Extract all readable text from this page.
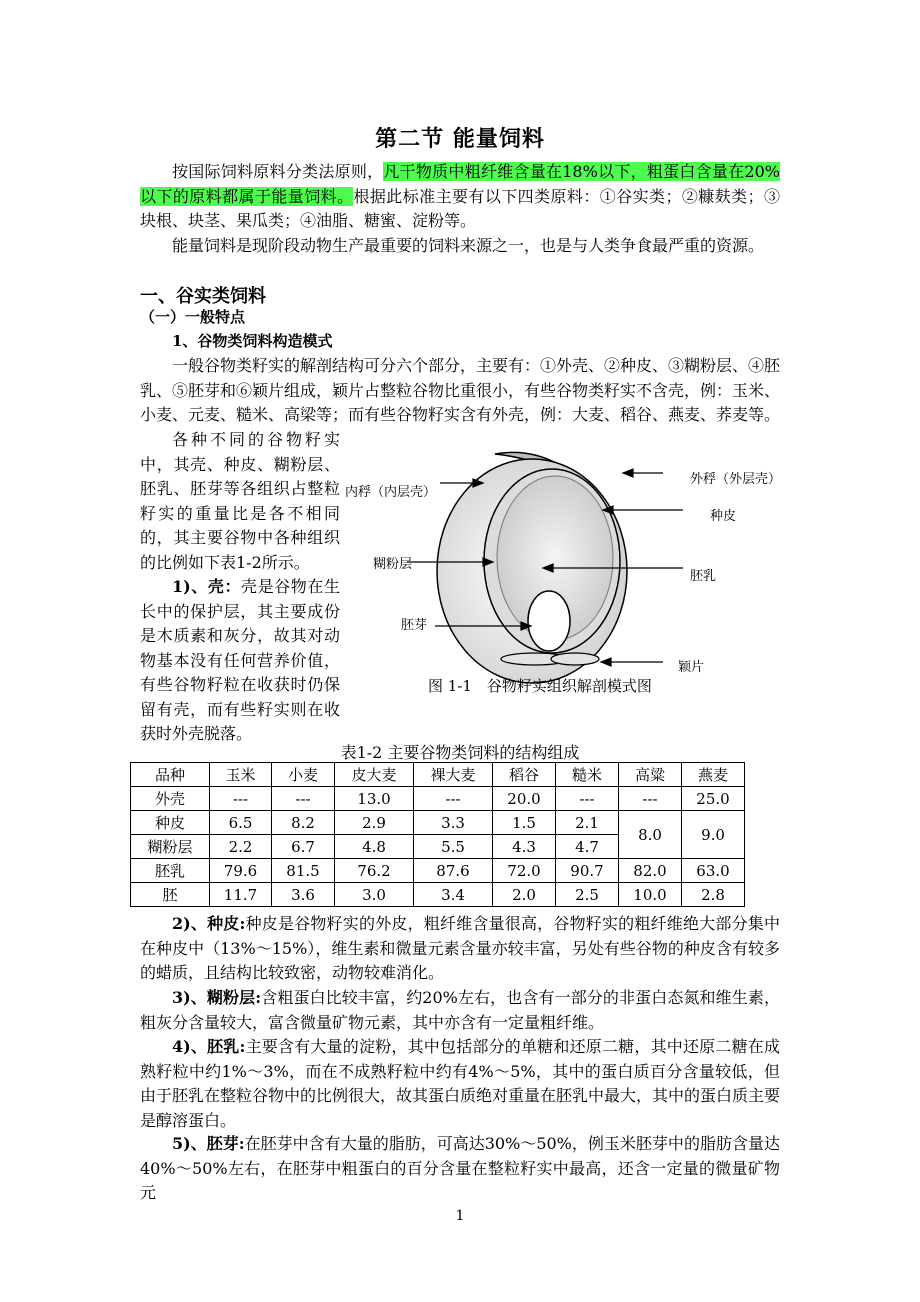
第二节 能量饲料

按国际饲料原料分类法原则，凡干物质中粗纤维含量在18%以下，粗蛋白含量在20%以下的原料都属于能量饲料。根据此标准主要有以下四类原料：①谷实类；②糠麸类；③块根、块茎、果瓜类；④油脂、糖蜜、淀粉等。

能量饲料是现阶段动物生产最重要的饲料来源之一，也是与人类争食最严重的资源。

一、谷实类饲料
（一）一般特点
1、谷物类饲料构造模式

一般谷物类籽实的解剖结构可分六个部分，主要有：①外壳、②种皮、③糊粉层、④胚乳、⑤胚芽和⑥颖片组成，颖片占整粒谷物比重很小，有些谷物类籽实不含壳，例：玉米、小麦、元麦、糙米、高梁等；而有些谷物籽实含有外壳，例：大麦、稻谷、燕麦、荞麦等。

各种不同的谷物籽实中，其壳、种皮、糊粉层、胚乳、胚芽等各组织占整粒籽实的重量比是各不相同的，其主要谷物中各种组织的比例如下表1-2所示。

1)、壳：壳是谷物在生长中的保护层，其主要成份是木质素和灰分，故其对动物基本没有任何营养价值，有些谷物籽粒在收获时仍保留有壳，而有些籽实则在收获时外壳脱落。

内稃（内层壳）
外稃（外层壳）
种皮
糊粉层
胚乳
胚芽
颖片
图 1-1　谷物籽实组织解剖模式图
表1-2 主要谷物类饲料的结构组成
品种	玉米	小麦	皮大麦	裸大麦	稻谷	糙米	高粱	燕麦
外壳	---	---	13.0	---	20.0	---	---	25.0
种皮	6.5	8.2	2.9	3.3	1.5	2.1	8.0	9.0
糊粉层	2.2	6.7	4.8	5.5	4.3	4.7		
胚乳	79.6	81.5	76.2	87.6	72.0	90.7	82.0	63.0
胚	11.7	3.6	3.0	3.4	2.0	2.5	10.0	2.8

2)、种皮:种皮是谷物籽实的外皮，粗纤维含量很高，谷物籽实的粗纤维绝大部分集中在种皮中（13%～15%），维生素和微量元素含量亦较丰富，另处有些谷物的种皮含有较多的蜡质，且结构比较致密，动物较难消化。

3)、糊粉层:含粗蛋白比较丰富，约20%左右，也含有一部分的非蛋白态氮和维生素，粗灰分含量较大，富含微量矿物元素，其中亦含有一定量粗纤维。

4)、胚乳:主要含有大量的淀粉，其中包括部分的单糖和还原二糖，其中还原二糖在成熟籽粒中约1%～3%，而在不成熟籽粒中约有4%～5%，其中的蛋白质百分含量较低，但由于胚乳在整粒谷物中的比例很大，故其蛋白质绝对重量在胚乳中最大，其中的蛋白质主要是醇溶蛋白。

5)、胚芽:在胚芽中含有大量的脂肪，可高达30%～50%，例玉米胚芽中的脂肪含量达40%～50%左右，在胚芽中粗蛋白的百分含量在整粒籽实中最高，还含一定量的微量矿物元

1
